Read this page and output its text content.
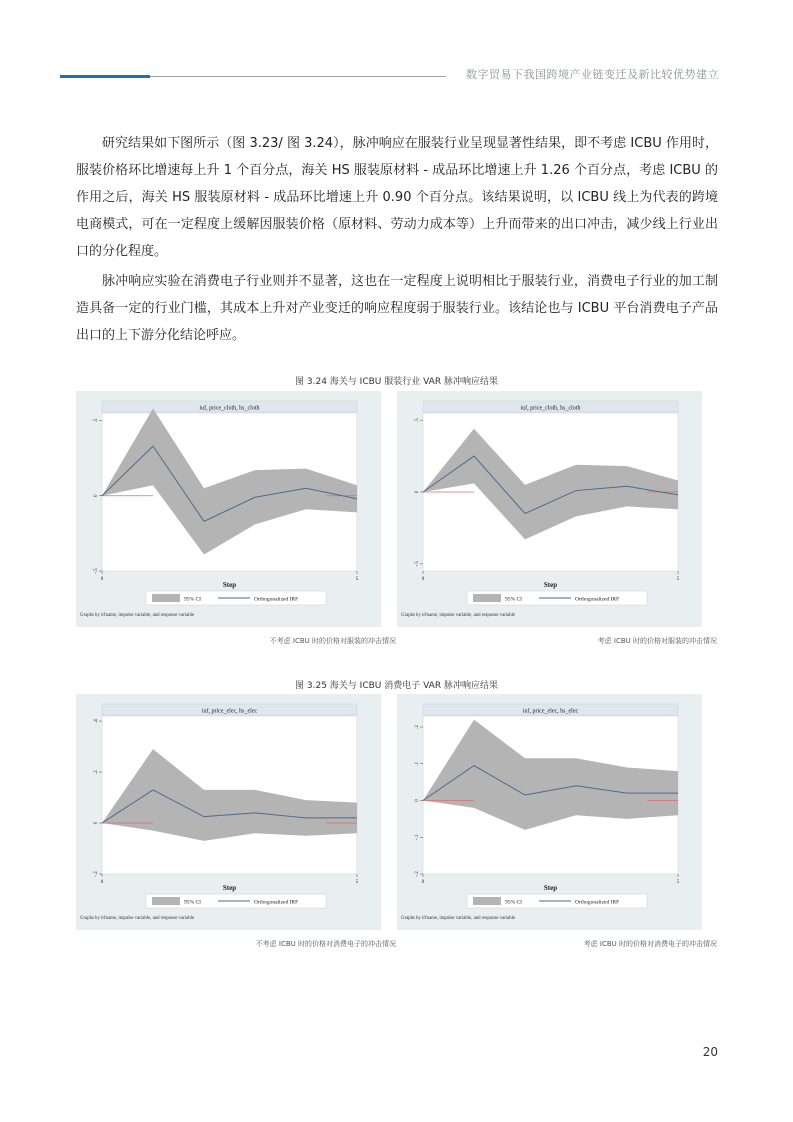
数字贸易下我国跨境产业链变迁及新比较优势建立

研究结果如下图所示（图 3.23/ 图 3.24），脉冲响应在服装行业呈现显著性结果，即不考虑 ICBU 作用时，服装价格环比增速每上升 1 个百分点，海关 HS 服装原材料 - 成品环比增速上升 1.26 个百分点，考虑 ICBU 的作用之后，海关 HS 服装原材料 - 成品环比增速上升 0.90 个百分点。该结果说明，以 ICBU 线上为代表的跨境电商模式，可在一定程度上缓解因服装价格（原材料、劳动力成本等）上升而带来的出口冲击，减少线上行业出口的分化程度。

脉冲响应实验在消费电子行业则并不显著，这也在一定程度上说明相比于服装行业，消费电子行业的加工制造具备一定的行业门槛，其成本上升对产业变迁的响应程度弱于服装行业。该结论也与 ICBU 平台消费电子产品出口的上下游分化结论呼应。

图 3.24 海关与 ICBU 服装行业 VAR 脉冲响应结果
iuf, price_cloth, hs_cloth
.5
0
-.5
0	5
Step
95% CI	Orthogonalized IRF
Graphs by irfname, impulse variable, and response variable
iuf, price_cloth, hs_cloth
.5
0
-.5
0	5
Step
95% CI	Orthogonalized IRF
Graphs by irfname, impulse variable, and response variable
不考虑 ICBU 时的价格对服装的冲击情况	考虑 ICBU 时的价格对服装的冲击情况
图 3.25 海关与 ICBU 消费电子 VAR 脉冲响应结果
iuf, price_elec, hs_elec
.4
.2
0
-.2
0	5
Step
95% CI	Orthogonalized IRF
Graphs by irfname, impulse variable, and response variable
iuf, price_elec, hs_elec
.2
.1
0
-.1
-.2
0	5
Step
95% CI	Orthogonalized IRF
Graphs by irfname, impulse variable, and response variable
不考虑 ICBU 时的价格对消费电子的冲击情况	考虑 ICBU 时的价格对消费电子的冲击情况
20
